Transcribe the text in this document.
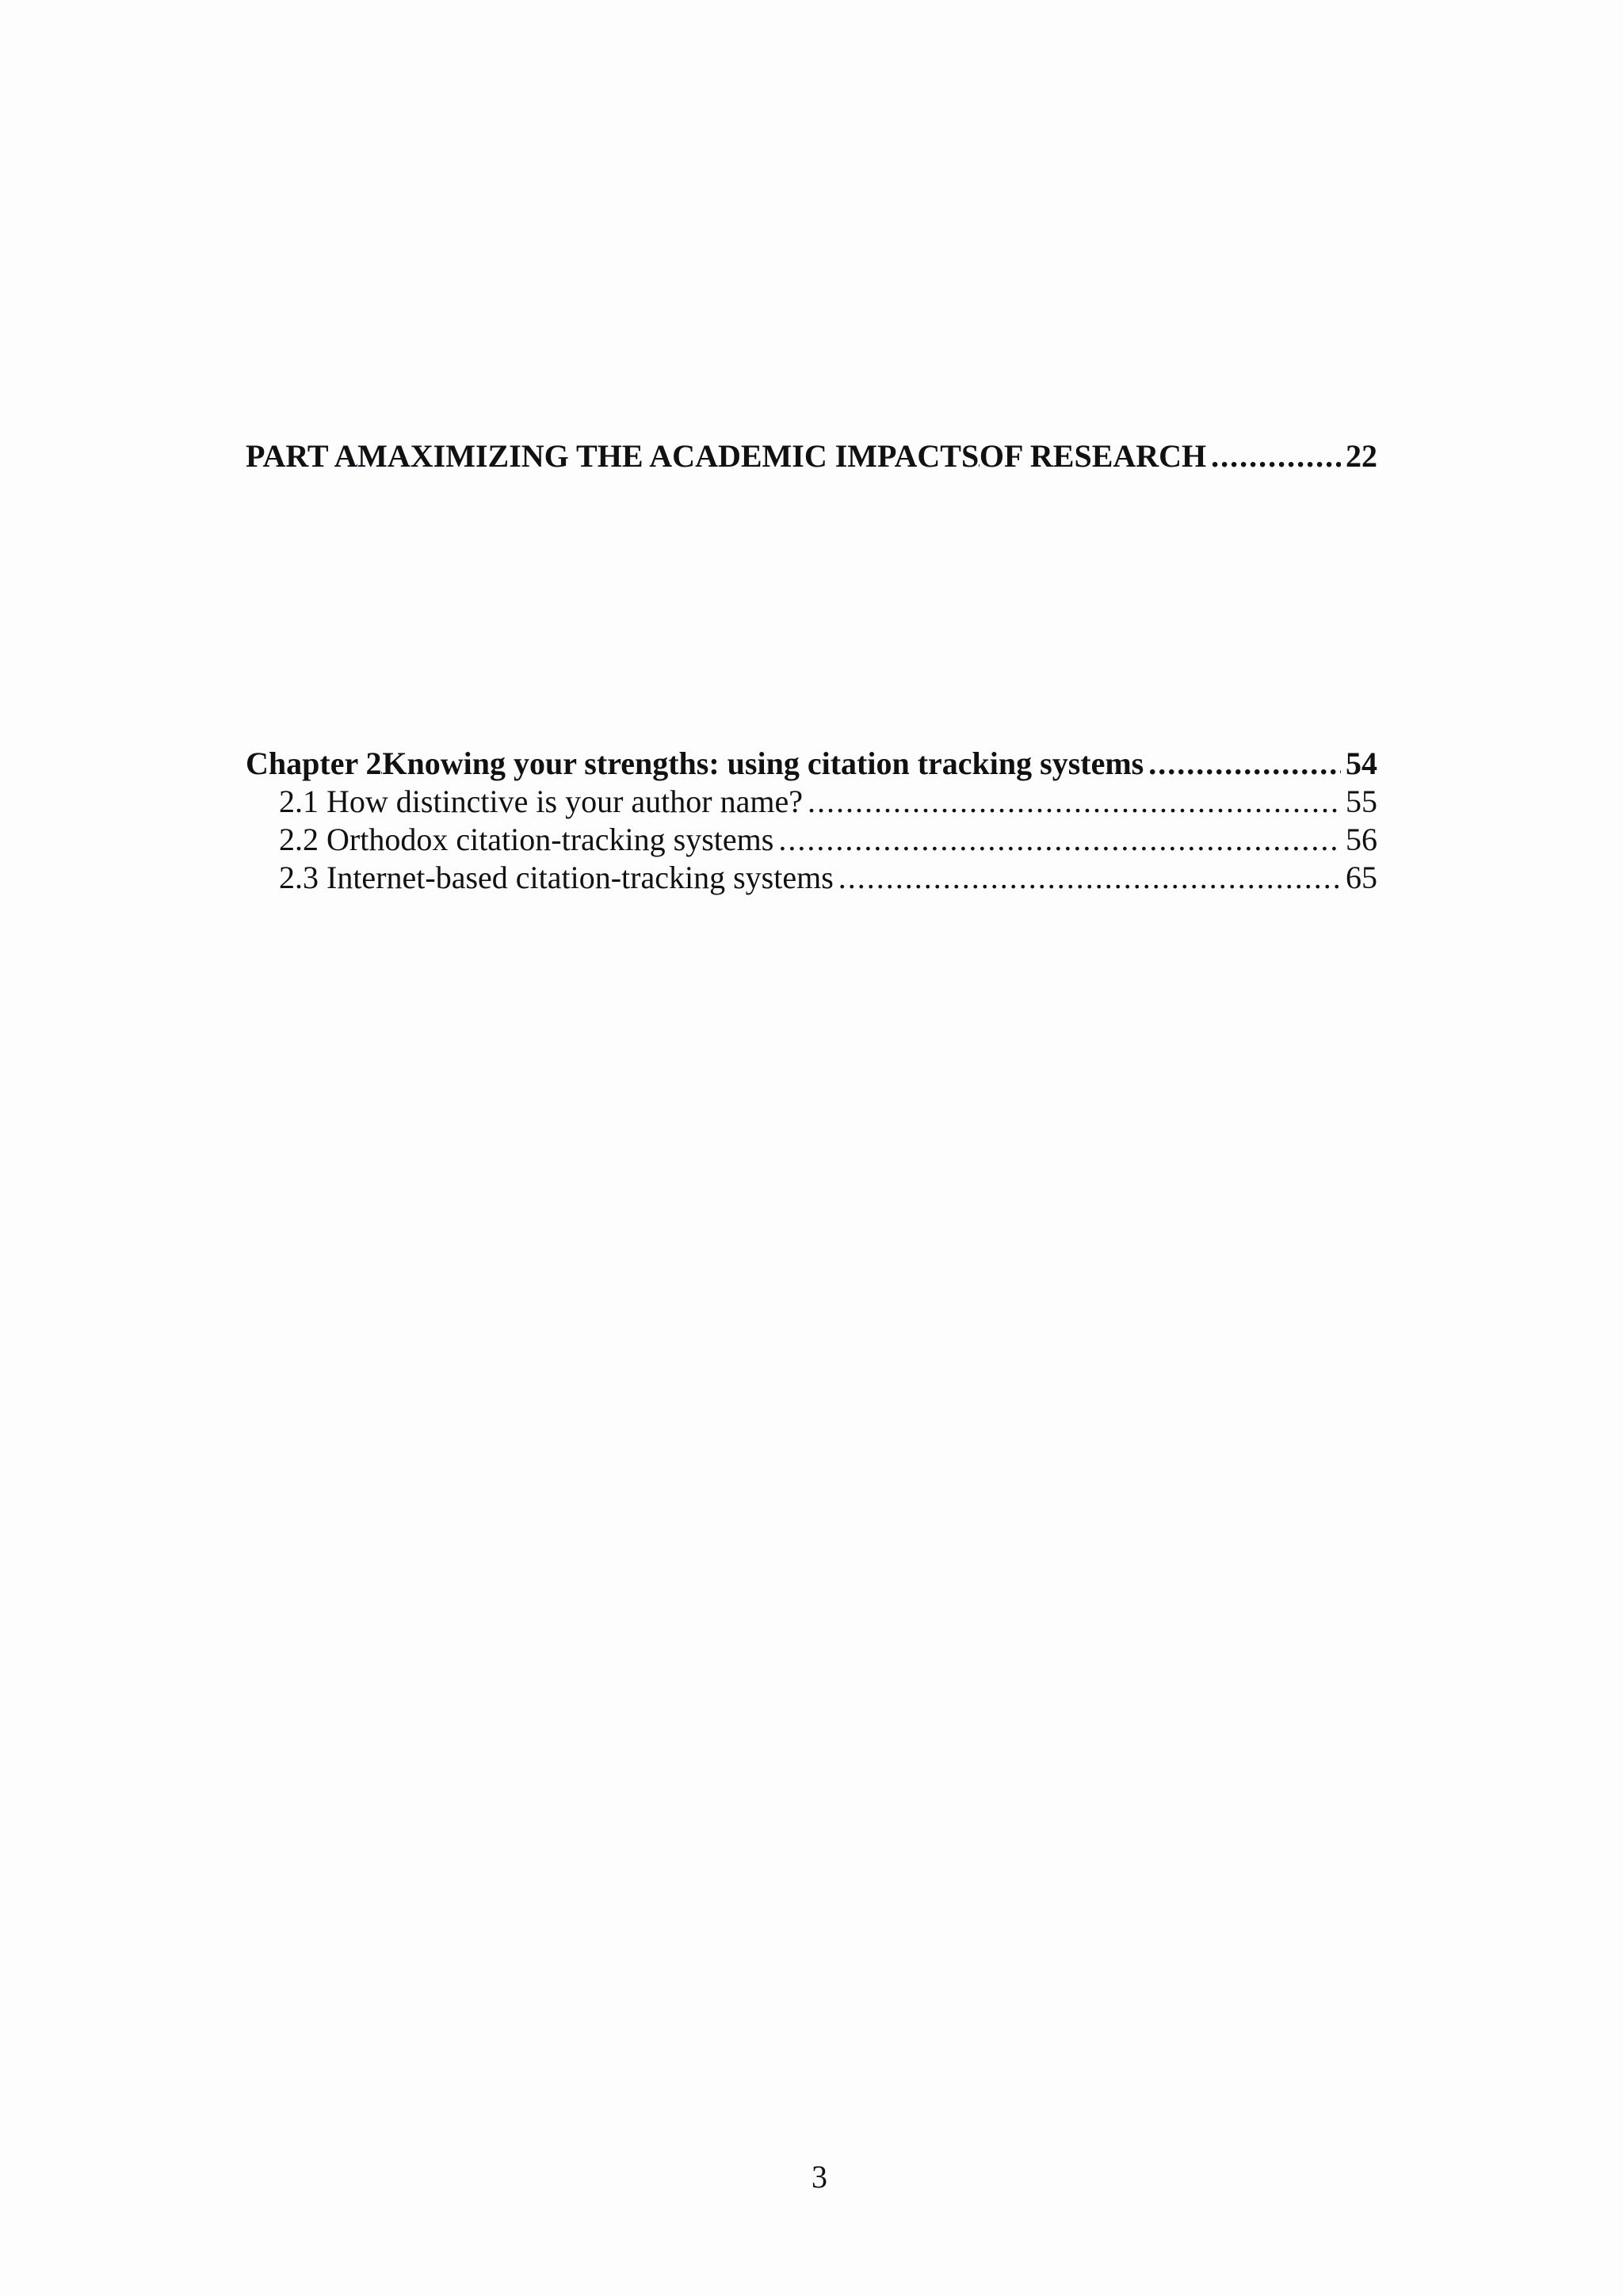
PART A MAXIMIZING THE ACADEMIC IMPACTS OF RESEARCH .....	22
Chapter 2 Knowing your strengths: using citation tracking systems .....	54
2.1 How distinctive is your author name? .....	55
2.2 Orthodox citation-tracking systems .....	56
2.3 Internet-based citation-tracking systems .....	65
3
